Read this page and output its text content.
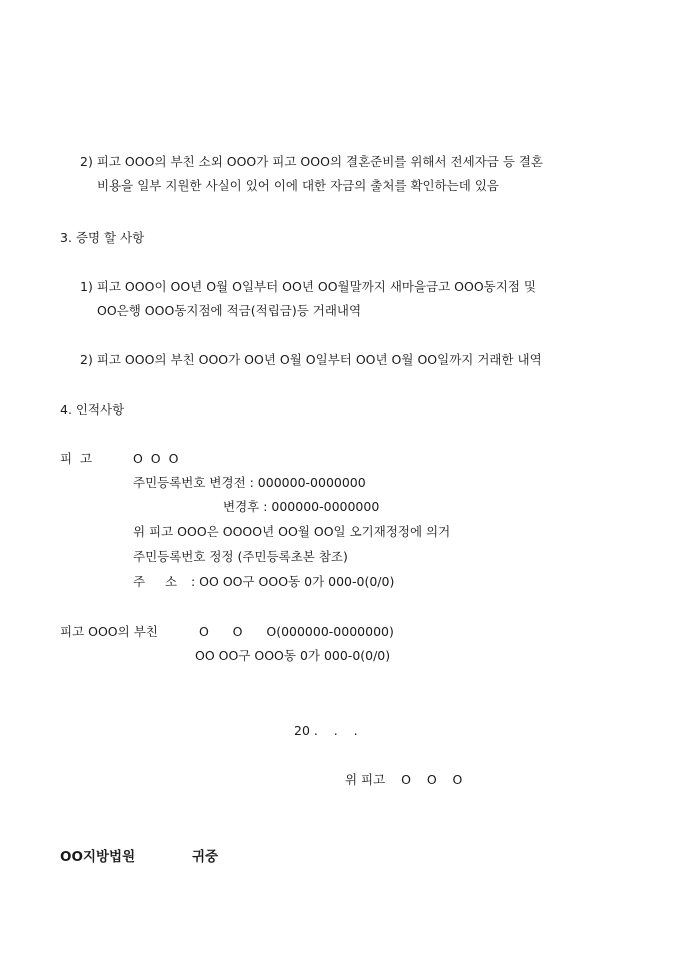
2) 피고 OOO의 부친 소외 OOO가 피고 OOO의 결혼준비를 위해서 전세자금 등 결혼
비용을 일부 지원한 사실이 있어 이에 대한 자금의 출처를 확인하는데 있음
3. 증명 할 사항
1) 피고 OOO이 OO년 O월 O일부터 OO년 OO월말까지 새마을금고 OOO동지점 및
OO은행 OOO동지점에 적금(적립금)등 거래내역
2) 피고 OOO의 부친 OOO가 OO년 O월 O일부터 OO년 O월 OO일까지 거래한 내역
4. 인적사항
피  고	O  O  O
주민등록번호 변경전 : 000000-0000000
변경후 : 000000-0000000
위 피고 OOO은 OOOO년 OO월 OO일 오기재정정에 의거
주민등록번호 정정 (주민등록초본 참조)
주     소 : OO OO구 OOO동 0가 000-0(0/0)
피고 OOO의 부친	O      O      O(000000-0000000)
OO OO구 OOO동 0가 000-0(0/0)
20 .    .    .
위 피고    O    O    O
OO지방법원	귀중
